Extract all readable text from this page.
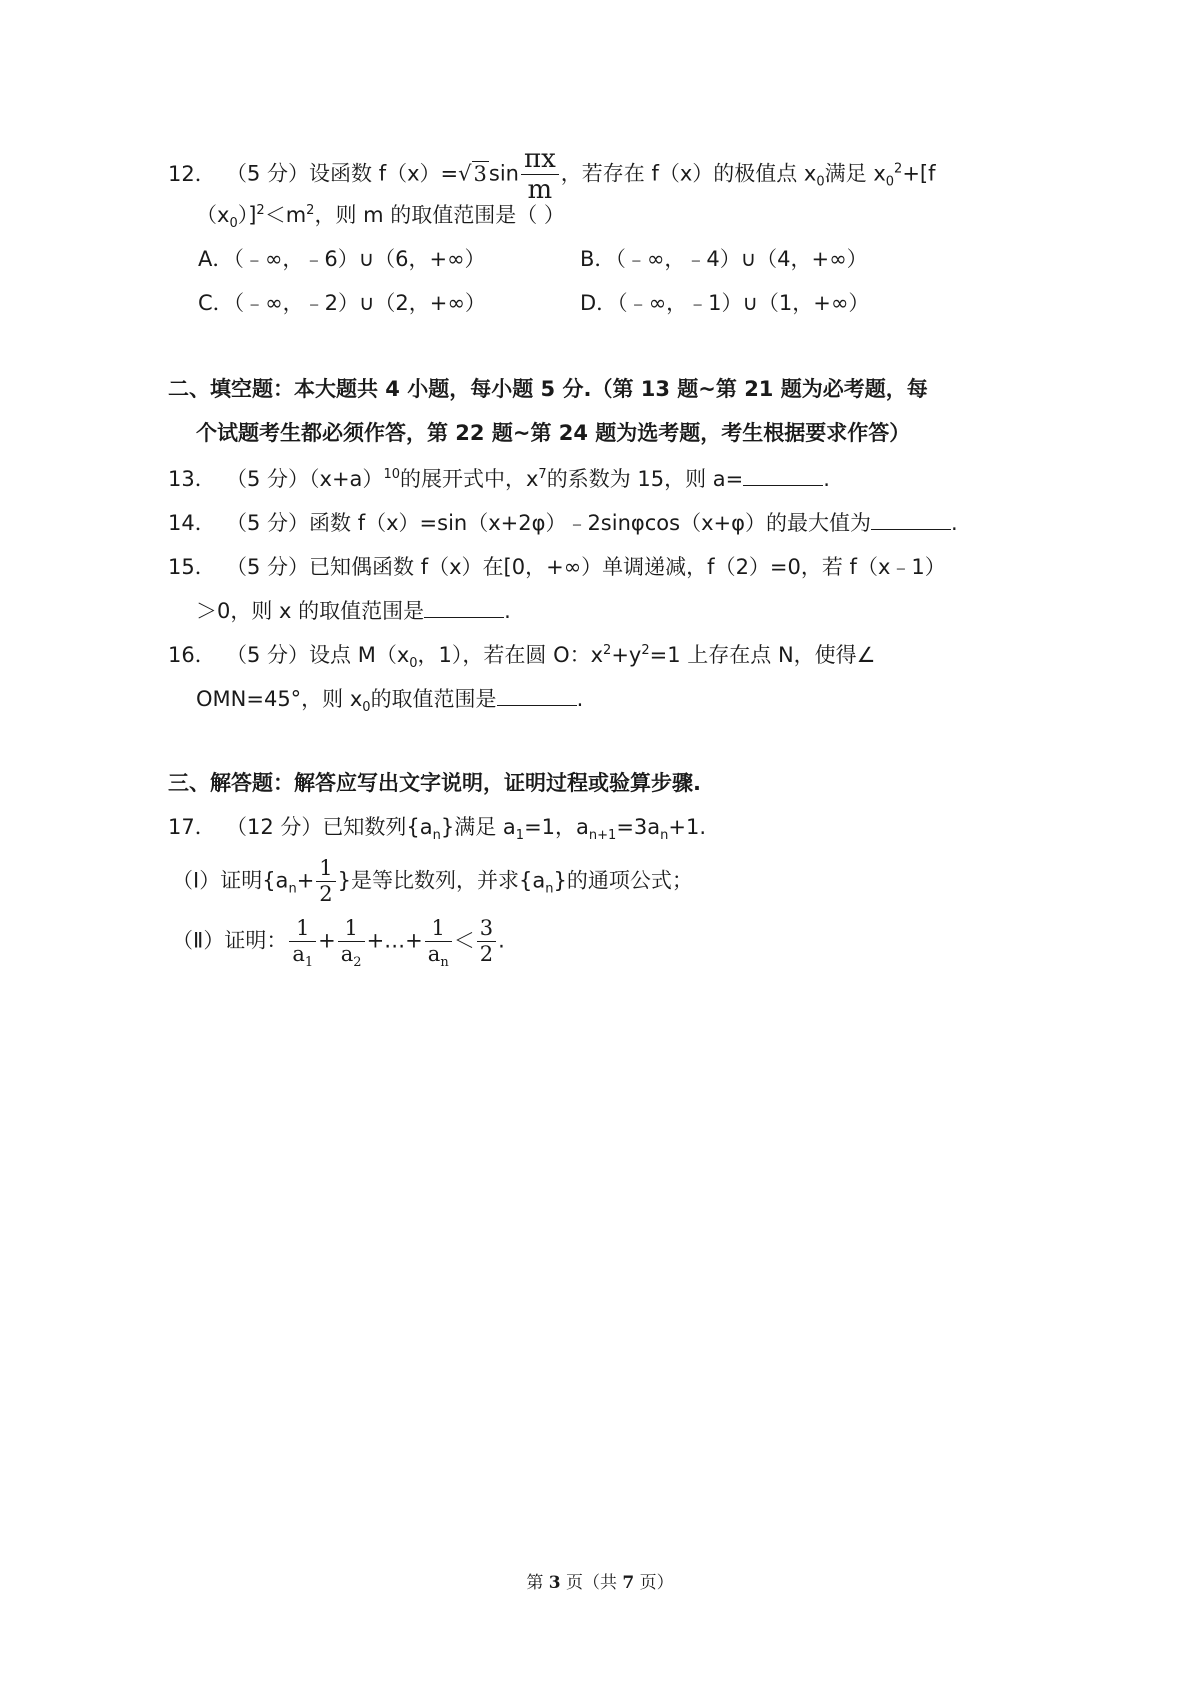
12． （5 分）设函数 $f(x)=√3\sin \frac{\pi x}{m}$ ，若存在 f（x）的极值点 $x_0$满足 $x_0^2+[f$
$(x_0)]^2<m^2$，则 m 的取值范围是（ ）
A．（﹣∞，﹣6）∪（6，+∞）	B．（﹣∞，﹣4）∪（4，+∞）
C．（﹣∞，﹣2）∪（2，+∞）	D．（﹣∞，﹣1）∪（1，+∞）
二、填空题：本大题共 4 小题，每小题 5 分.（第 13 题~第 21 题为必考题，每
个试题考生都必须作答，第 22 题~第 24 题为选考题，考生根据要求作答）
13． （5 分）$(x+a)^{10}$的展开式中，$x^7$的系数为 15，则 a=	.
14． （5 分）函数 f（x）=sin（x+2φ）﹣2sinφcos（x+φ）的最大值为	.
15． （5 分）已知偶函数 f（x）在[0，+∞）单调递减，f（2）=0，若 f（x﹣1）
＞0，则 x 的取值范围是	.
16． （5 分）设点 $M(x_0$，1），若在圆 O：$x^2+y^2=1$ 上存在点 N，使得∠
OMN=45°，则 $x_0$的取值范围是	.
三、解答题：解答应写出文字说明，证明过程或验算步骤.
17． （12 分）已知数列$\{a_n\}$满足 $a_1=1$，$a_{n+1}=3a_n+1$.
（Ⅰ）证明{$a_n+ \frac{1}{2}$ }是等比数列，并求$\{a_n\}$的通项公式；
（Ⅱ）证明： $\frac{1}{a_1} + \frac{1}{a_2}$ +…+ $\frac{1}{a_n} < \frac{3}{2}$ .
第 3 页（共 7 页）
